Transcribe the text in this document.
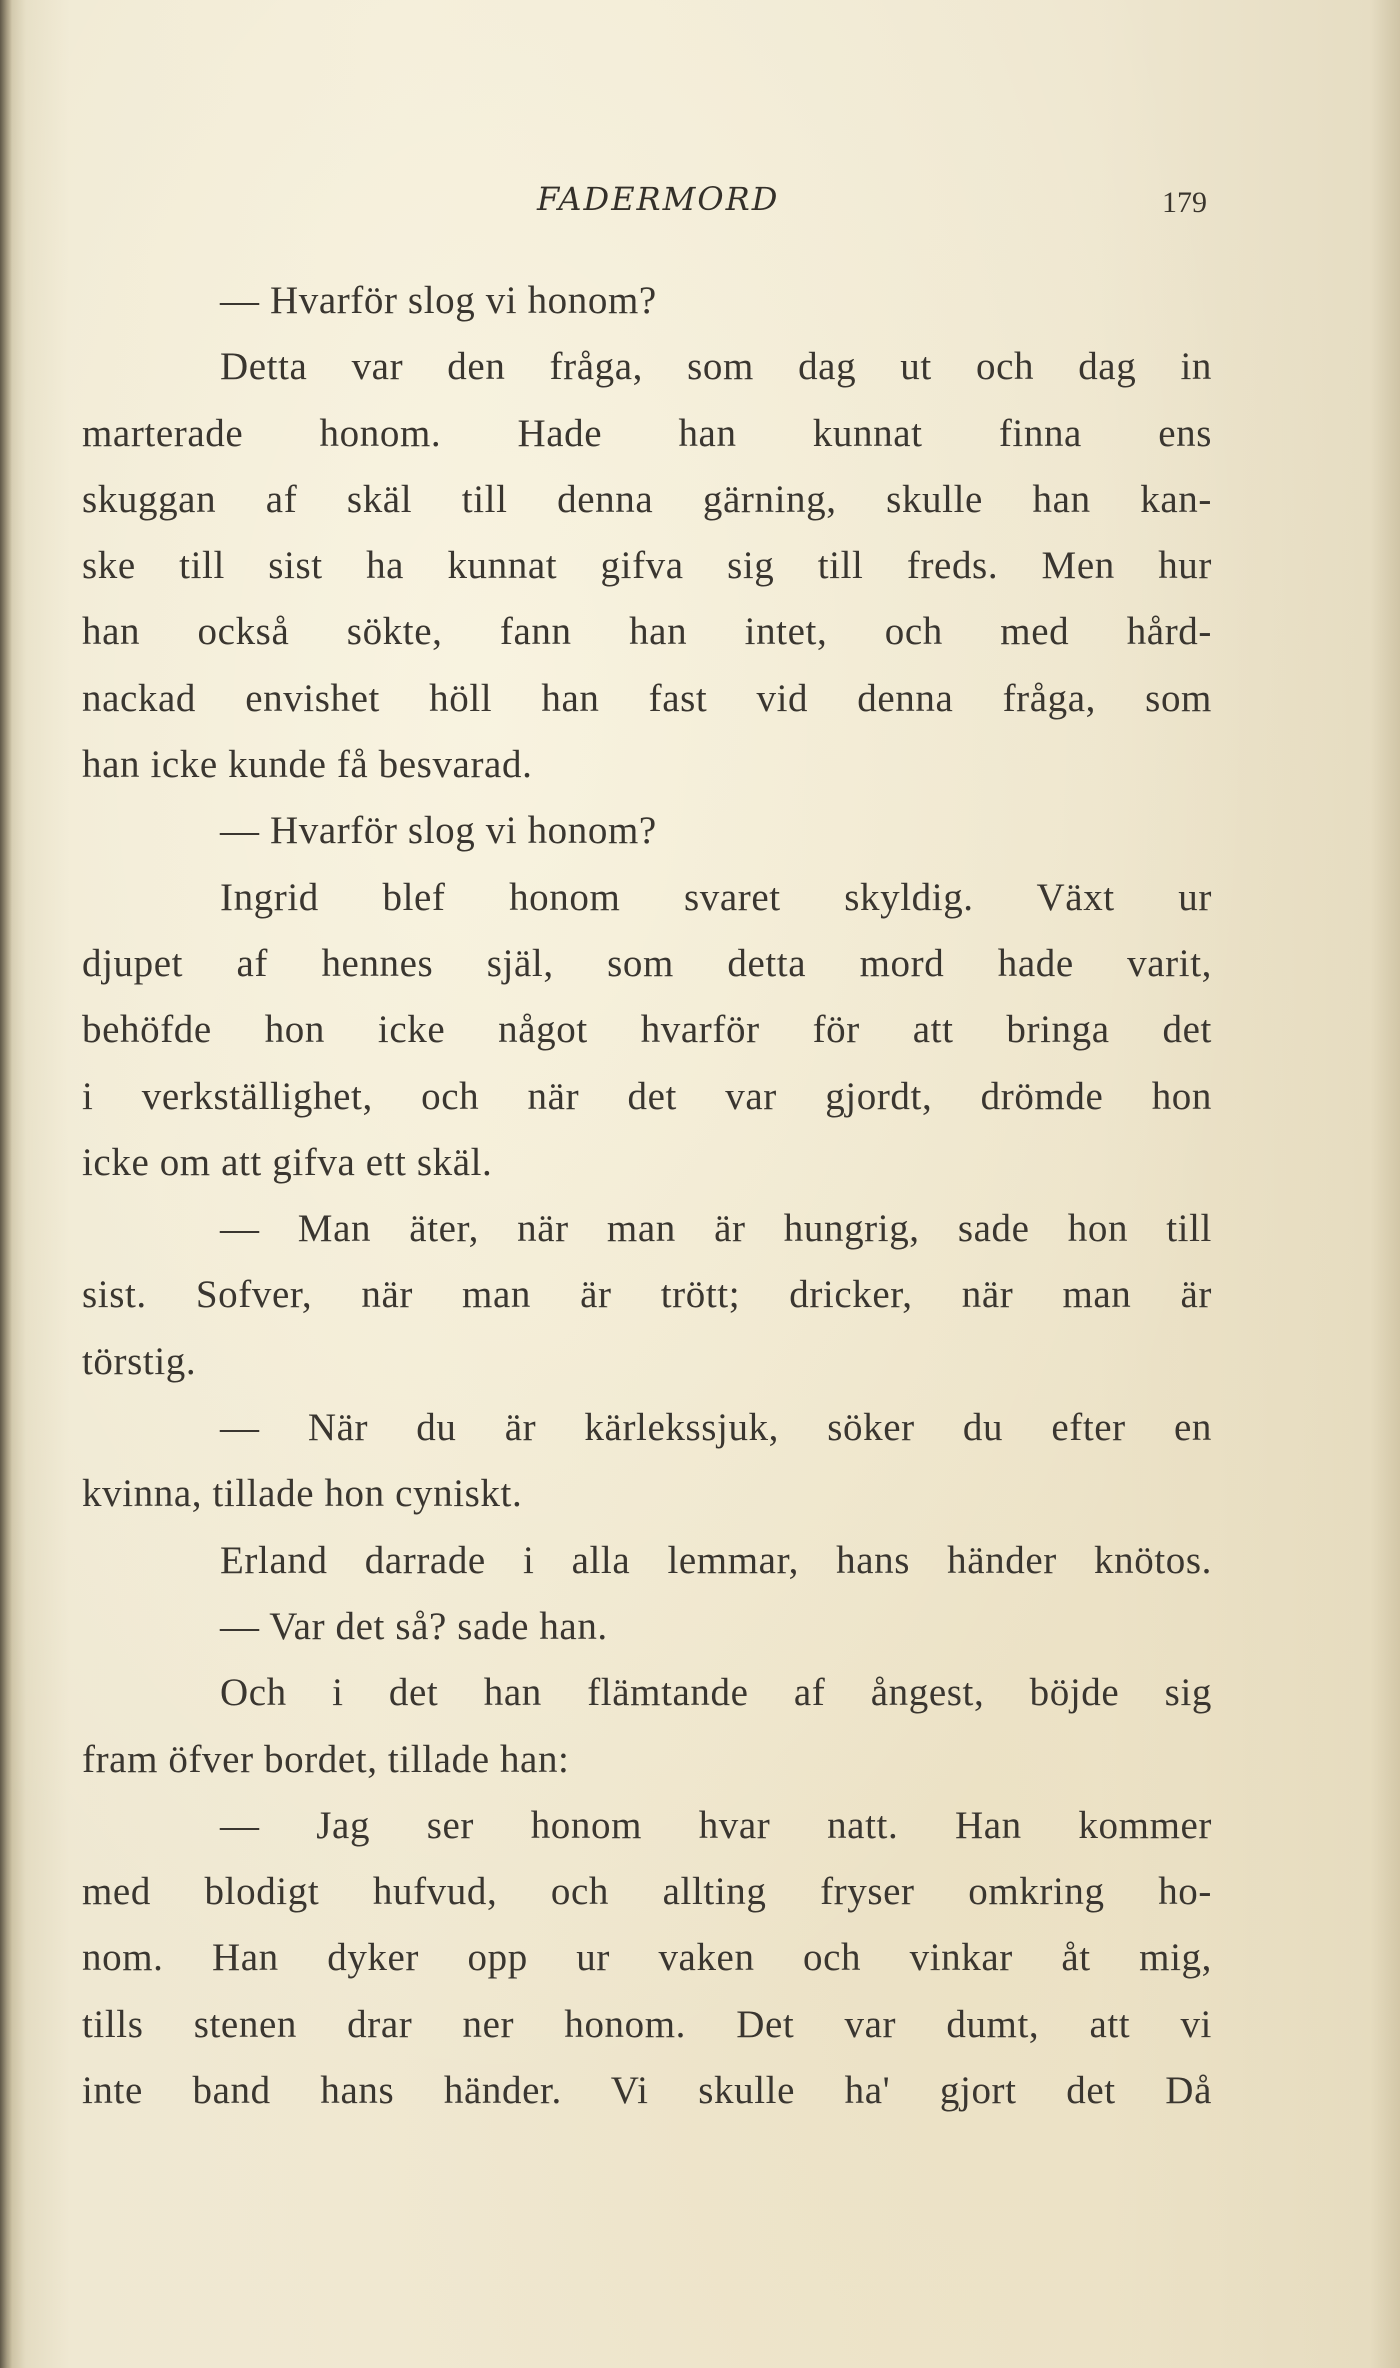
FADERMORD	179
— Hvarför slog vi honom?
Detta var den fråga, som dag ut och dag in
marterade honom. Hade han kunnat finna ens
skuggan af skäl till denna gärning, skulle han kan-
ske till sist ha kunnat gifva sig till freds. Men hur
han också sökte, fann han intet, och med hård-
nackad envishet höll han fast vid denna fråga, som
han icke kunde få besvarad.
— Hvarför slog vi honom?
Ingrid blef honom svaret skyldig. Växt ur
djupet af hennes själ, som detta mord hade varit,
behöfde hon icke något hvarför för att bringa det
i verkställighet, och när det var gjordt, drömde hon
icke om att gifva ett skäl.
— Man äter, när man är hungrig, sade hon till
sist. Sofver, när man är trött; dricker, när man är
törstig.
— När du är kärlekssjuk, söker du efter en
kvinna, tillade hon cyniskt.
Erland darrade i alla lemmar, hans händer knötos.
— Var det så? sade han.
Och i det han flämtande af ångest, böjde sig
fram öfver bordet, tillade han:
— Jag ser honom hvar natt. Han kommer
med blodigt hufvud, och allting fryser omkring ho-
nom. Han dyker opp ur vaken och vinkar åt mig,
tills stenen drar ner honom. Det var dumt, att vi
inte band hans händer. Vi skulle ha' gjort det Då
